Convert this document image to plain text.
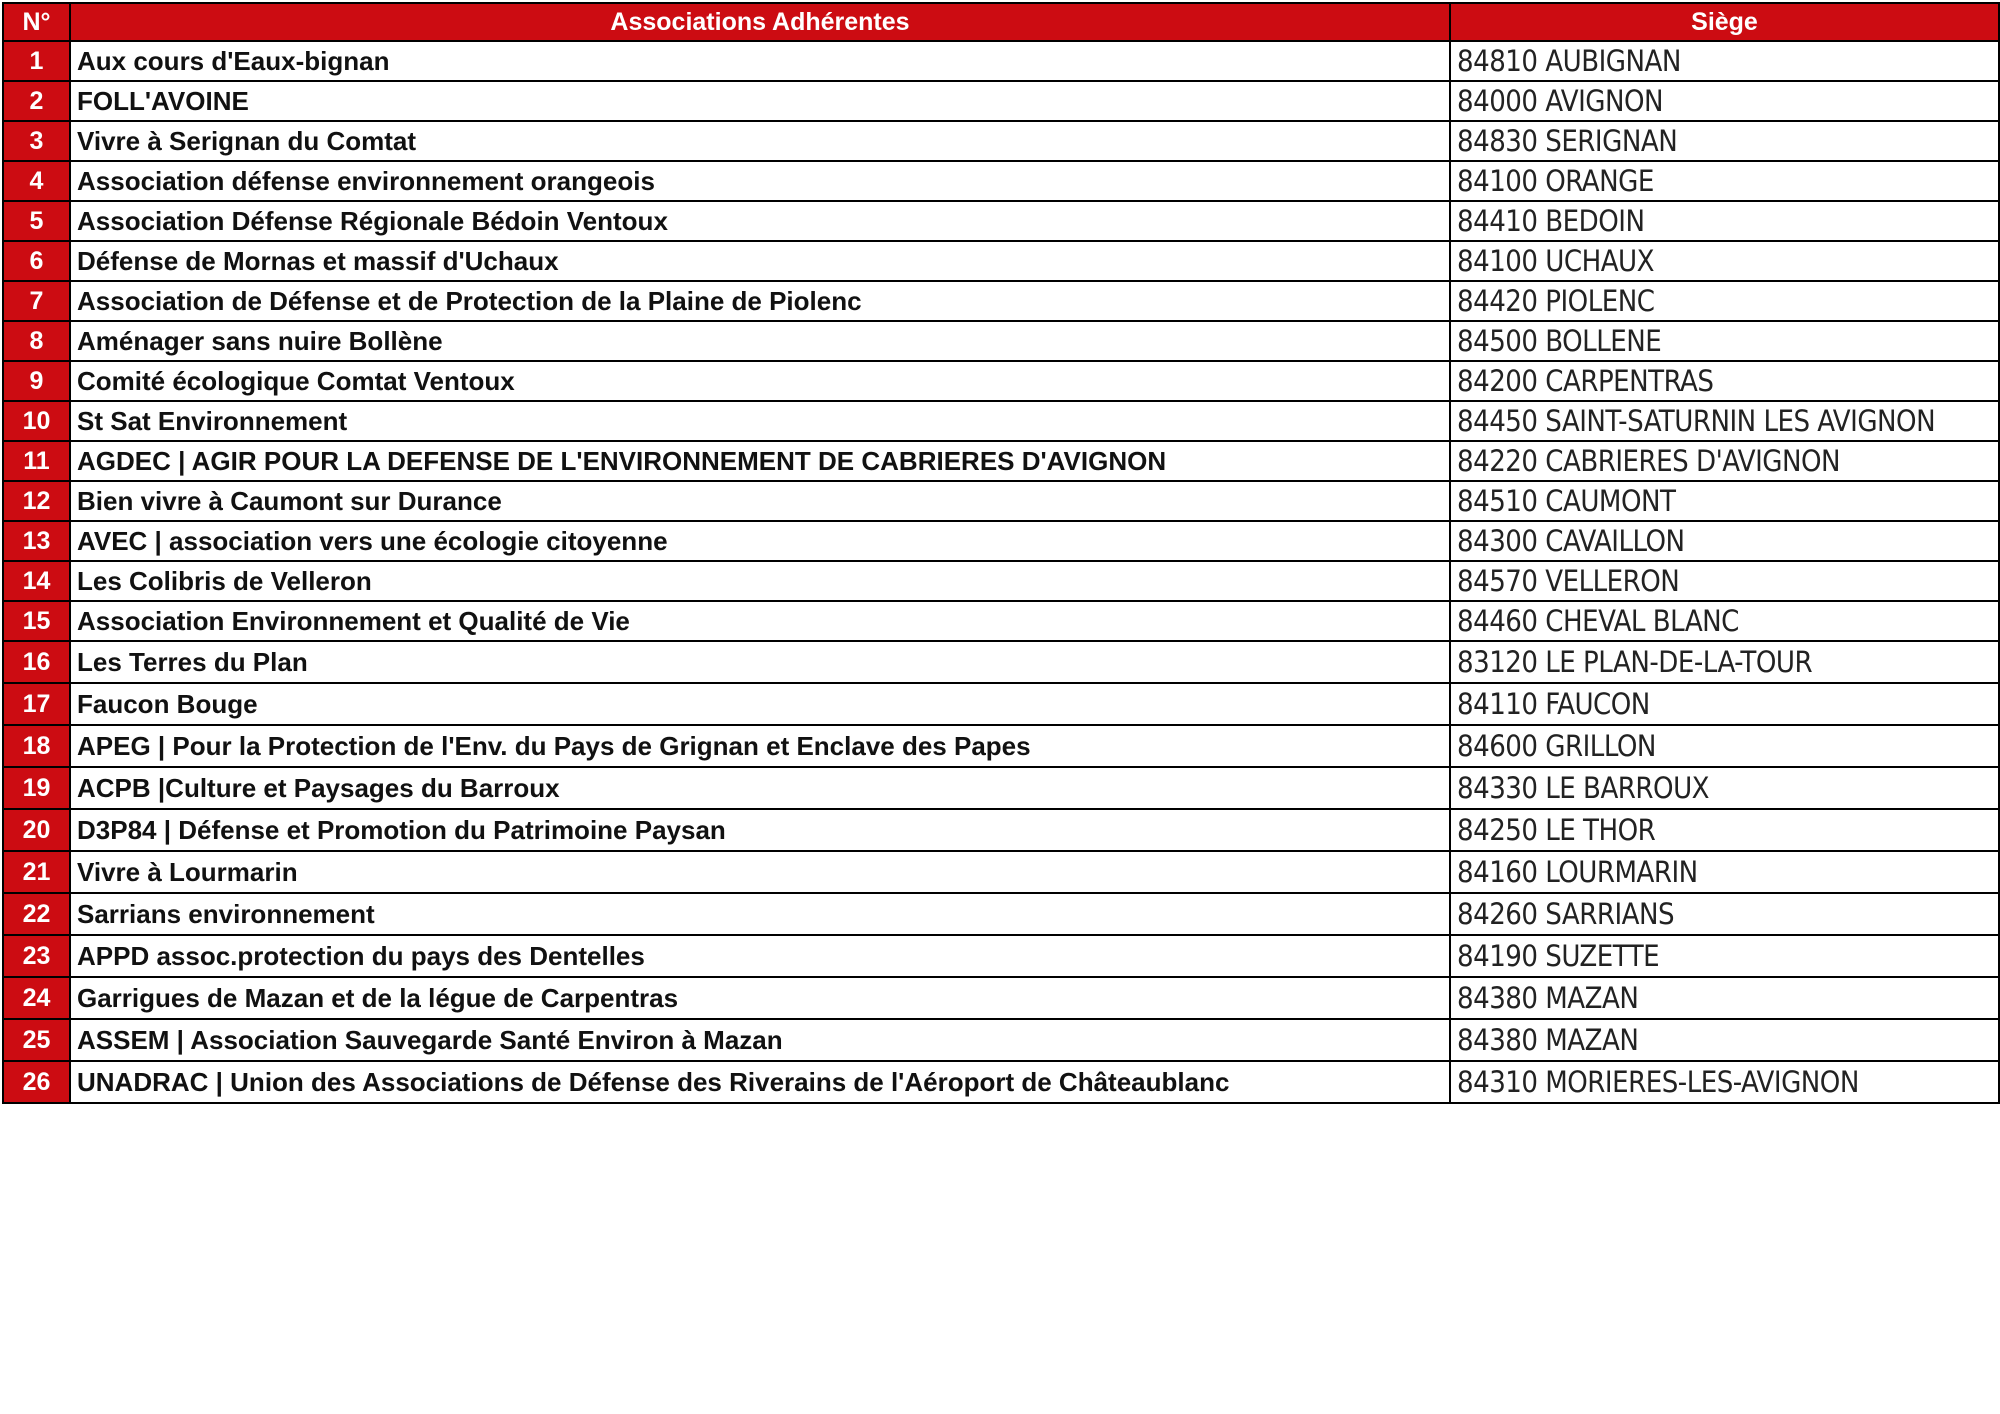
N°	Associations Adhérentes	Siège
1	Aux cours d'Eaux-bignan	84810 AUBIGNAN
2	FOLL'AVOINE	84000 AVIGNON
3	Vivre à Serignan du Comtat	84830 SERIGNAN
4	Association défense environnement orangeois	84100 ORANGE
5	Association Défense Régionale Bédoin Ventoux	84410 BEDOIN
6	Défense de Mornas et massif d'Uchaux	84100 UCHAUX
7	Association de Défense et de Protection de la Plaine de Piolenc	84420 PIOLENC
8	Aménager sans nuire Bollène	84500 BOLLENE
9	Comité écologique Comtat Ventoux	84200 CARPENTRAS
10	St Sat Environnement	84450 SAINT-SATURNIN LES AVIGNON
11	AGDEC | AGIR POUR LA DEFENSE DE L'ENVIRONNEMENT DE CABRIERES D'AVIGNON	84220 CABRIERES D'AVIGNON
12	Bien vivre à Caumont sur Durance	84510 CAUMONT
13	AVEC | association vers une écologie citoyenne	84300 CAVAILLON
14	Les Colibris de Velleron	84570 VELLERON
15	Association Environnement et Qualité de Vie	84460 CHEVAL BLANC
16	Les Terres du Plan	83120 LE PLAN-DE-LA-TOUR
17	Faucon Bouge	84110 FAUCON
18	APEG | Pour la Protection de l'Env. du Pays de Grignan et Enclave des Papes	84600 GRILLON
19	ACPB |Culture et Paysages du Barroux	84330 LE BARROUX
20	D3P84 | Défense et Promotion du Patrimoine Paysan	84250 LE THOR
21	Vivre à Lourmarin	84160 LOURMARIN
22	Sarrians environnement	84260 SARRIANS
23	APPD assoc.protection du pays des Dentelles	84190 SUZETTE
24	Garrigues de Mazan et de la légue de Carpentras	84380 MAZAN
25	ASSEM | Association Sauvegarde Santé Environ à Mazan	84380 MAZAN
26	UNADRAC | Union des Associations de Défense des Riverains de l'Aéroport de Châteaublanc	84310 MORIERES-LES-AVIGNON
